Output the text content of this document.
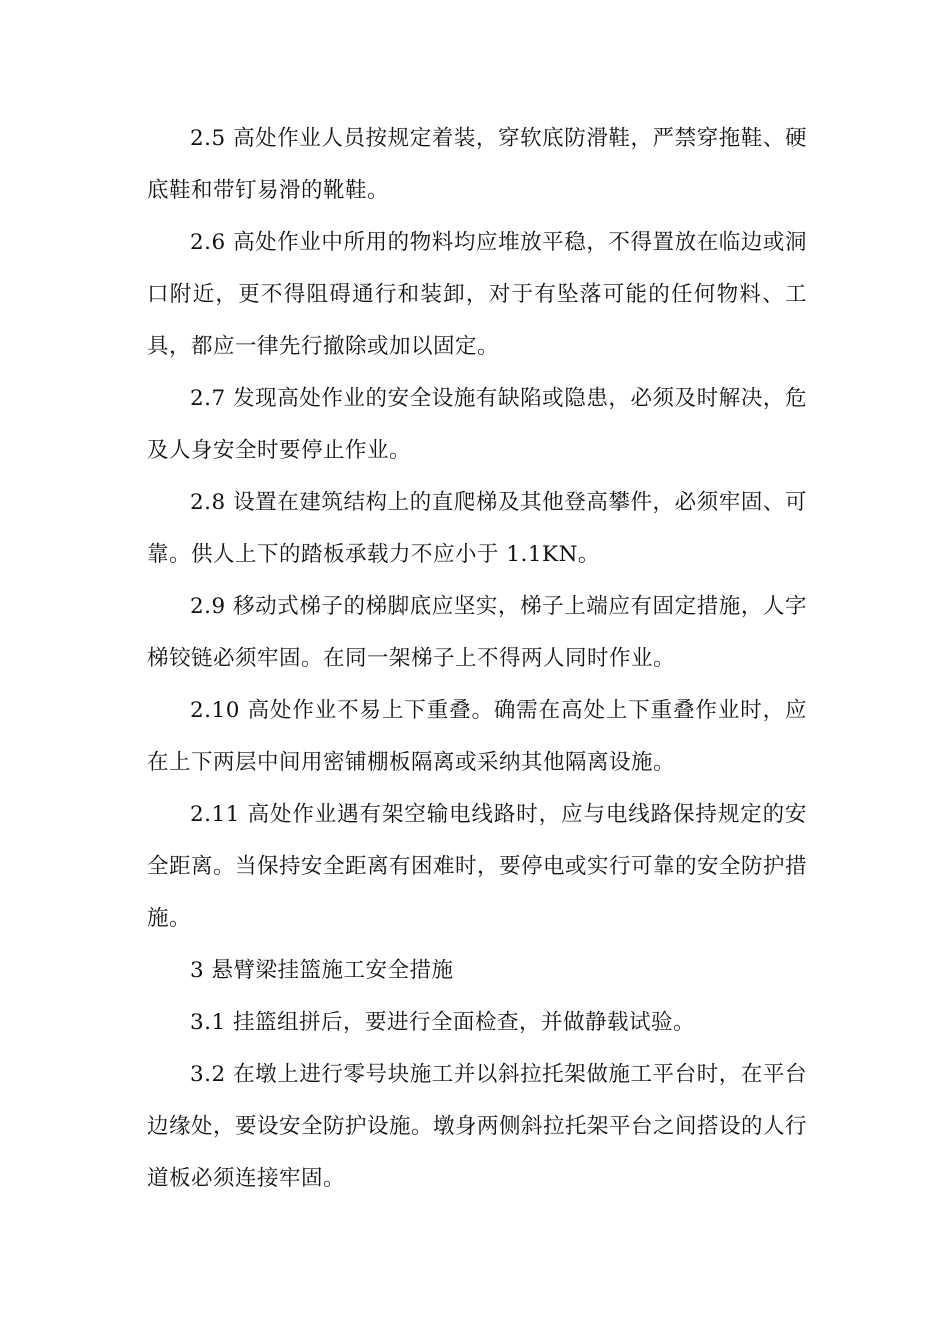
2.5 高处作业人员按规定着装，穿软底防滑鞋，严禁穿拖鞋、硬底鞋和带钉易滑的靴鞋。

2.6 高处作业中所用的物料均应堆放平稳，不得置放在临边或洞口附近，更不得阻碍通行和装卸，对于有坠落可能的任何物料、工具，都应一律先行撤除或加以固定。

2.7 发现高处作业的安全设施有缺陷或隐患，必须及时解决，危及人身安全时要停止作业。

2.8 设置在建筑结构上的直爬梯及其他登高攀件，必须牢固、可靠。供人上下的踏板承载力不应小于 1.1KN。

2.9 移动式梯子的梯脚底应坚实，梯子上端应有固定措施，人字梯铰链必须牢固。在同一架梯子上不得两人同时作业。

2.10 高处作业不易上下重叠。确需在高处上下重叠作业时，应在上下两层中间用密铺棚板隔离或采纳其他隔离设施。

2.11 高处作业遇有架空输电线路时，应与电线路保持规定的安全距离。当保持安全距离有困难时，要停电或实行可靠的安全防护措施。

3 悬臂梁挂篮施工安全措施

3.1 挂篮组拼后，要进行全面检查，并做静载试验。

3.2 在墩上进行零号块施工并以斜拉托架做施工平台时，在平台边缘处，要设安全防护设施。墩身两侧斜拉托架平台之间搭设的人行道板必须连接牢固。
